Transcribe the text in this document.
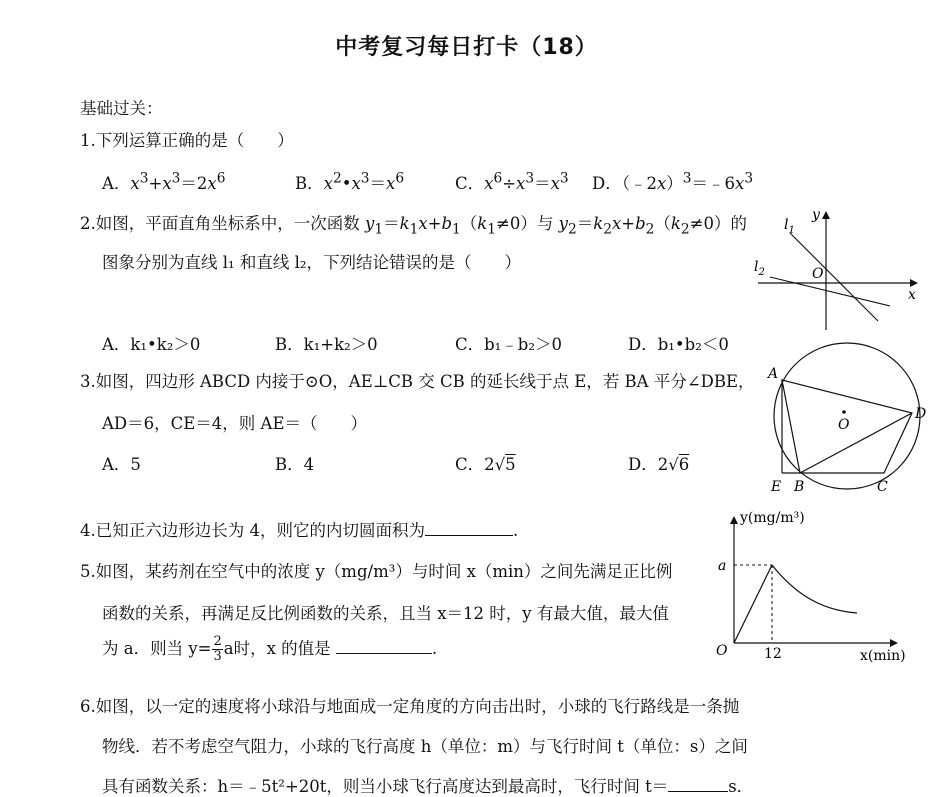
中考复习每日打卡（18）
基础过关：
1.下列运算正确的是（　　）
A．$x^3+x^3=2x^6$	B．$x^2•x^3=x^6$	C．$x^6\div x^3=x^3$ D．$(﹣2x)^3=﹣6x^3$
2.如图，平面直角坐标系中，一次函数 $y_1=k_1x+b_1(k_1\ne 0)$与 $y_2=k_2x+b_2(k_2\ne 0)$的
图象分别为直线 l₁ 和直线 l₂，下列结论错误的是（　　）
A．k₁•k₂＞0	B．k₁+k₂＞0	C．b₁﹣b₂＞0	D．b₁•b₂＜0
$l_1$
$l_2$
y
x
O
3.如图，四边形 ABCD 内接于⊙O，AE⊥CB 交 CB 的延长线于点 E，若 BA 平分∠DBE，
AD＝6，CE＝4，则 AE＝（　　）
A．5	B．4	C．2√5	D．2√6
A
D
E B	C
O
4.已知正六边形边长为 4，则它的内切圆面积为	.
5.如图，某药剂在空气中的浓度 y（mg/m³）与时间 x（min）之间先满足正比例
函数的关系，再满足反比例函数的关系，且当 x＝12 时，y 有最大值，最大值
为 a．则当 $y= \frac{2}{3}$ a时，x 的值是	.
y(mg/m³)
a
O	12	x(min)
6.如图，以一定的速度将小球沿与地面成一定角度的方向击出时，小球的飞行路线是一条抛
物线．若不考虑空气阻力，小球的飞行高度 h（单位：m）与飞行时间 t（单位：s）之间
具有函数关系：h＝﹣5t²+20t，则当小球飞行高度达到最高时，飞行时间 t＝	s．
